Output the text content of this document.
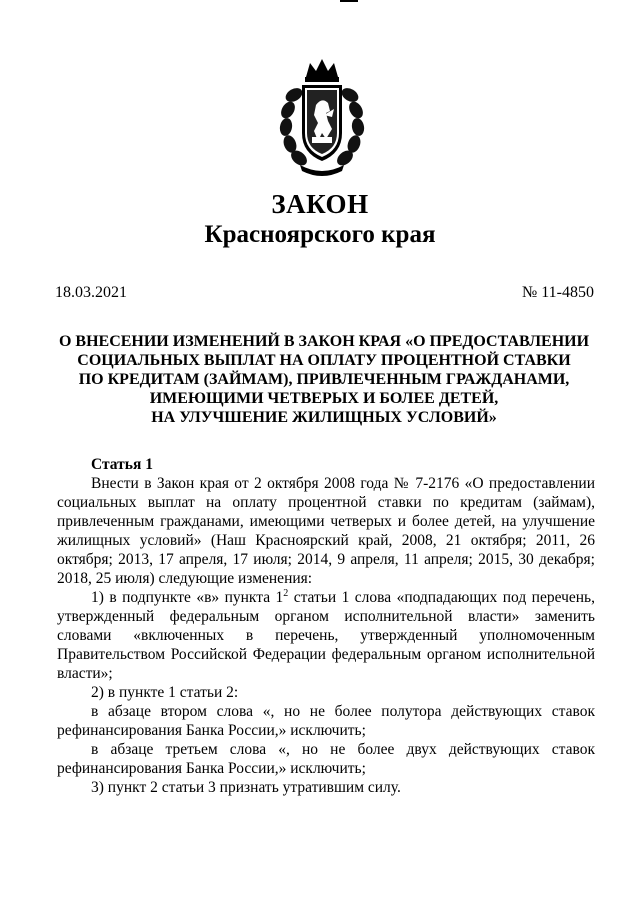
ЗАКОН
Красноярского края
18.03.2021	№ 11-4850
О ВНЕСЕНИИ ИЗМЕНЕНИЙ В ЗАКОН КРАЯ «О ПРЕДОСТАВЛЕНИИ
СОЦИАЛЬНЫХ ВЫПЛАТ НА ОПЛАТУ ПРОЦЕНТНОЙ СТАВКИ
ПО КРЕДИТАМ (ЗАЙМАМ), ПРИВЛЕЧЕННЫМ ГРАЖДАНАМИ,
ИМЕЮЩИМИ ЧЕТВЕРЫХ И БОЛЕЕ ДЕТЕЙ,
НА УЛУЧШЕНИЕ ЖИЛИЩНЫХ УСЛОВИЙ»
Статья 1

Внести в Закон края от 2 октября 2008 года № 7-2176 «О предоставлении социальных выплат на оплату процентной ставки по кредитам (займам), привлеченным гражданами, имеющими четверых и более детей, на улучшение жилищных условий» (Наш Красноярский край, 2008, 21 октября; 2011, 26 октября; 2013, 17 апреля, 17 июля; 2014, 9 апреля, 11 апреля; 2015, 30 декабря; 2018, 25 июля) следующие изменения:

1) в подпункте «в» пункта $1^2$ статьи 1 слова «подпадающих под перечень, утвержденный федеральным органом исполнительной власти» заменить словами «включенных в перечень, утвержденный уполномоченным Правительством Российской Федерации федеральным органом исполнительной власти»;

2) в пункте 1 статьи 2:

в абзаце втором слова «, но не более полутора действующих ставок рефинансирования Банка России,» исключить;

в абзаце третьем слова «, но не более двух действующих ставок рефинансирования Банка России,» исключить;

3) пункт 2 статьи 3 признать утратившим силу.
